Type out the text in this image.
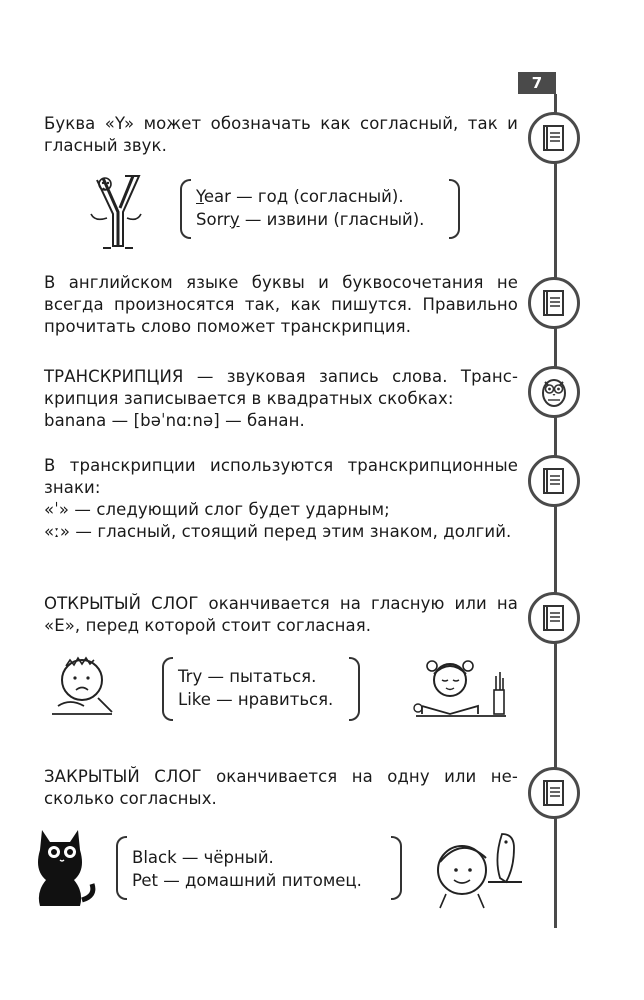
7

Буква «Y» может обозначать как согласный, так и гласный звук.

Year — год (согласный).
Sorry — извини (гласный).

В английском языке буквы и буквосочетания не всегда произносятся так, как пишутся. Правильно прочитать слово поможет транскрипция.

ТРАНСКРИПЦИЯ — звуковая запись слова. Транс-крипция записывается в квадратных скобках:

banana — [bəˈnɑːnə] — банан.

В транскрипции используются транскрипционные знаки:

«ˈ» — следующий слог будет ударным;

«ː» — гласный, стоящий перед этим знаком, долгий.

ОТКРЫТЫЙ СЛОГ оканчивается на гласную или на «E», перед которой стоит согласная.

Try — пытаться.
Like — нравиться.

ЗАКРЫТЫЙ СЛОГ оканчивается на одну или не-сколько согласных.

Black — чёрный.
Pet — домашний питомец.
